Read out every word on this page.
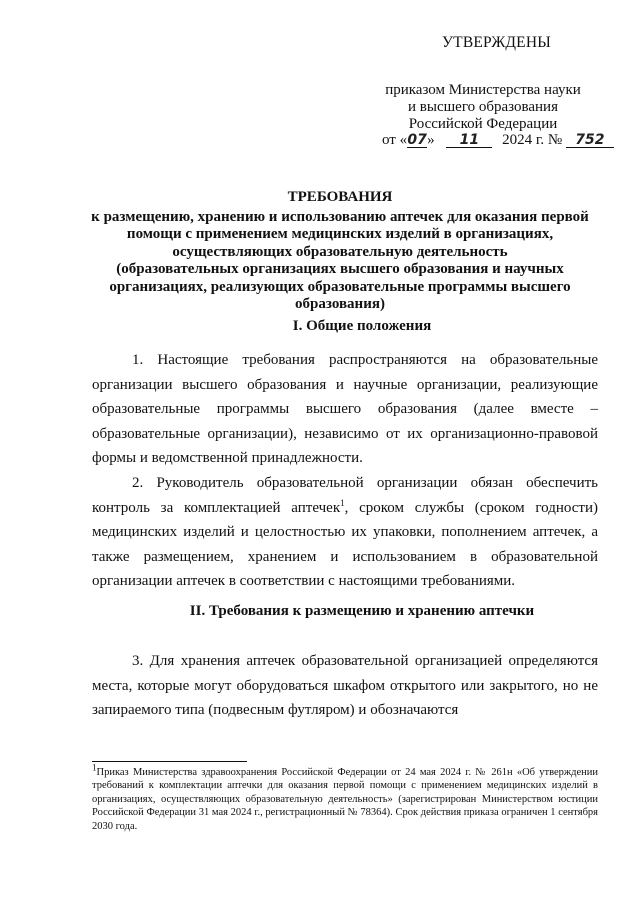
УТВЕРЖДЕНЫ
приказом Министерства науки
и высшего образования
Российской Федерации
от «07» 11 2024 г. № 752
ТРЕБОВАНИЯ
к размещению, хранению и использованию аптечек для оказания первой
помощи с применением медицинских изделий в организациях,
осуществляющих образовательную деятельность
(образовательных организациях высшего образования и научных
организациях, реализующих образовательные программы высшего
образования)
I. Общие положения
1. Настоящие требования распространяются на образовательные организации высшего образования и научные организации, реализующие образовательные программы высшего образования (далее вместе – образовательные организации), независимо от их организационно-правовой формы и ведомственной принадлежности.
2. Руководитель образовательной организации обязан обеспечить контроль за комплектацией аптечек$^1$, сроком службы (сроком годности) медицинских изделий и целостностью их упаковки, пополнением аптечек, а также размещением, хранением и использованием в образовательной организации аптечек в соответствии с настоящими требованиями.
II. Требования к размещению и хранению аптечки
3. Для хранения аптечек образовательной организацией определяются места, которые могут оборудоваться шкафом открытого или закрытого, но не запираемого типа (подвесным футляром) и обозначаются
$^1$Приказ Министерства здравоохранения Российской Федерации от 24 мая 2024 г. № 261н «Об утверждении требований к комплектации аптечки для оказания первой помощи с применением медицинских изделий в организациях, осуществляющих образовательную деятельность» (зарегистрирован Министерством юстиции Российской Федерации 31 мая 2024 г., регистрационный № 78364). Срок действия приказа ограничен 1 сентября 2030 года.
